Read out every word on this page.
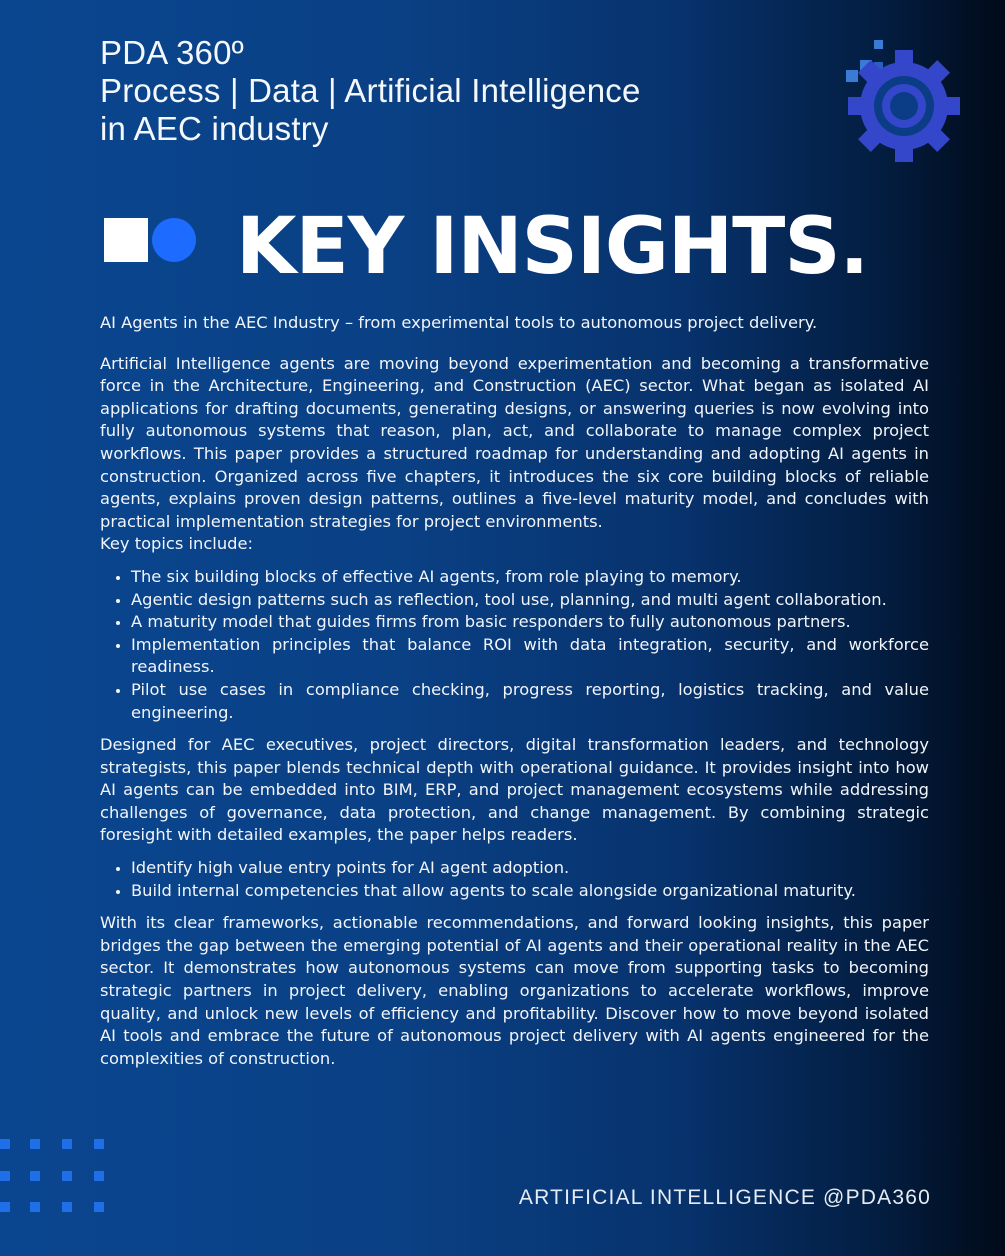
PDA 360º
Process | Data | Artificial Intelligence
in AEC industry
KEY INSIGHTS.

AI Agents in the AEC Industry – from experimental tools to autonomous project delivery.

Artificial Intelligence agents are moving beyond experimentation and becoming a transformative force in the Architecture, Engineering, and Construction (AEC) sector. What began as isolated AI applications for drafting documents, generating designs, or answering queries is now evolving into fully autonomous systems that reason, plan, act, and collaborate to manage complex project workflows. This paper provides a structured roadmap for understanding and adopting AI agents in construction. Organized across five chapters, it introduces the six core building blocks of reliable agents, explains proven design patterns, outlines a five-level maturity model, and concludes with practical implementation strategies for project environments.

Key topics include:

• The six building blocks of effective AI agents, from role playing to memory.
• Agentic design patterns such as reflection, tool use, planning, and multi agent collaboration.
• A maturity model that guides firms from basic responders to fully autonomous partners.
• Implementation principles that balance ROI with data integration, security, and workforce readiness.
• Pilot use cases in compliance checking, progress reporting, logistics tracking, and value engineering.

Designed for AEC executives, project directors, digital transformation leaders, and technology strategists, this paper blends technical depth with operational guidance. It provides insight into how AI agents can be embedded into BIM, ERP, and project management ecosystems while addressing challenges of governance, data protection, and change management. By combining strategic foresight with detailed examples, the paper helps readers.

• Identify high value entry points for AI agent adoption.
• Build internal competencies that allow agents to scale alongside organizational maturity.

With its clear frameworks, actionable recommendations, and forward looking insights, this paper bridges the gap between the emerging potential of AI agents and their operational reality in the AEC sector. It demonstrates how autonomous systems can move from supporting tasks to becoming strategic partners in project delivery, enabling organizations to accelerate workflows, improve quality, and unlock new levels of efficiency and profitability. Discover how to move beyond isolated AI tools and embrace the future of autonomous project delivery with AI agents engineered for the complexities of construction.

ARTIFICIAL INTELLIGENCE @PDA360
